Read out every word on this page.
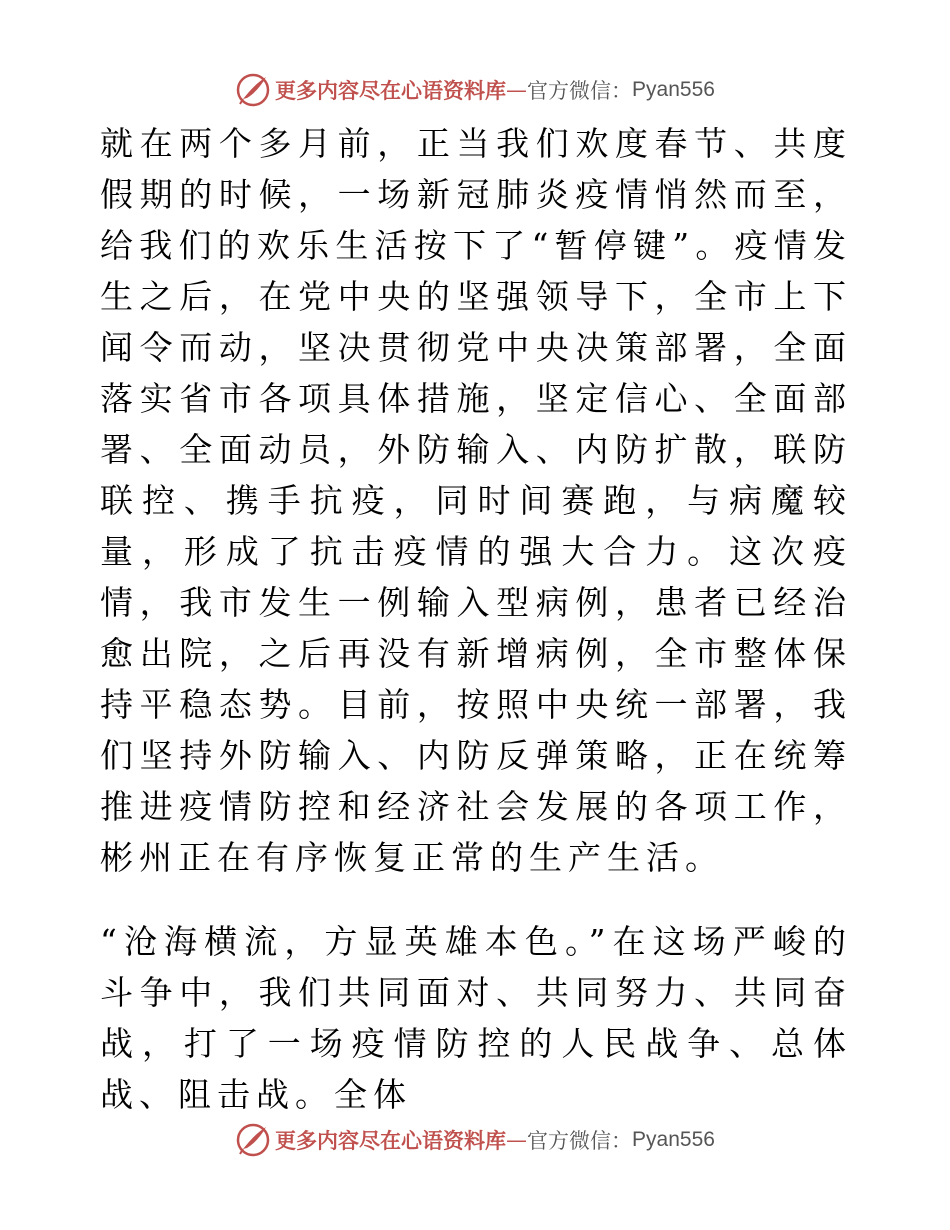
更多内容尽在心语资料库 — 官方微信： Pyan556

就在两个多月前，正当我们欢度春节、共度假期的时候，一场新冠肺炎疫情悄然而至，给我们的欢乐生活按下了“暂停键”。疫情发生之后，在党中央的坚强领导下，全市上下闻令而动，坚决贯彻党中央决策部署，全面落实省市各项具体措施，坚定信心、全面部署、全面动员，外防输入、内防扩散，联防联控、携手抗疫，同时间赛跑，与病魔较量，形成了抗击疫情的强大合力。这次疫情，我市发生一例输入型病例，患者已经治愈出院，之后再没有新增病例，全市整体保持平稳态势。目前，按照中央统一部署，我们坚持外防输入、内防反弹策略，正在统筹推进疫情防控和经济社会发展的各项工作，彬州正在有序恢复正常的生产生活。

“沧海横流，方显英雄本色。”在这场严峻的斗争中，我们共同面对、共同努力、共同奋战，打了一场疫情防控的人民战争、总体战、阻击战。全体

更多内容尽在心语资料库 — 官方微信： Pyan556
